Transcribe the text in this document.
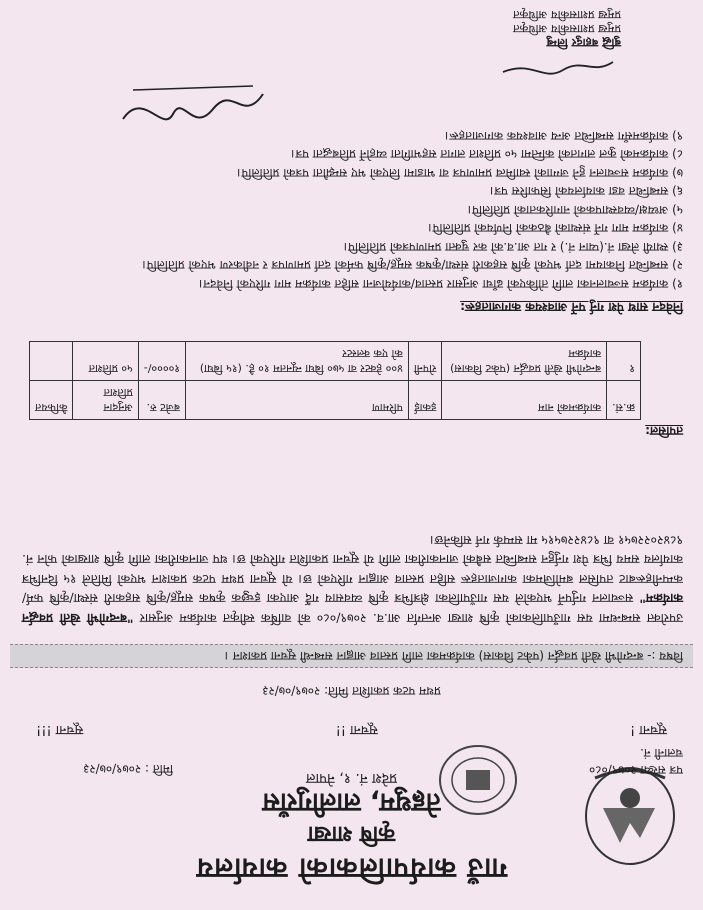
गाउँ कार्यपालिकाको कार्यालय
कृषि शाखा
तेह्रथुम, लालीगुराँस
प्रदेश नं. १, नेपाल	पत्र संख्या २०७९/०८०
चलानी नं.
मिति : २०७९/०७/२३
सूचना !
सूचना !!
सूचना !!!
प्रथम पटक प्रकाशित मिति: २०७९/०७/२३
विषय :- बन्दगोभी खेती प्रवर्द्धन (पकेट विकास) कार्यक्रमका लागि प्रस्ताव आह्वान सम्बन्धी सूचना प्रकाशन ।
उपरोक्त सम्बन्धमा यस गाउँपालिकाको कृषि शाखा अन्तर्गत आ.व. २०७९/०८० को वार्षिक स्वीकृत कार्यक्रम अनुसार "बन्दगोभी खेती प्रवर्द्धन कार्यक्रम" सञ्चालन गर्नुपर्ने भएकोले यस गाउँपालिका क्षेत्रभित्र कृषि व्यवसाय गर्दै आएका इच्छुक कृषक समूह/कृषि सहकारी संस्था/कृषि फर्म/कम्पनीहरूबाट तपसिल बमोजिमका कागजातहरू सहित प्रस्ताव आह्वान गरिएको छ। यो सूचना प्रथम पटक प्रकाशन भएको मितिले १५ दिनभित्र कार्यालय समय भित्र पेश गर्नुहुन सम्बन्धित सबैको जानकारीका लागि यो सूचना प्रकाशित गरिएको छ। थप जानकारीका लागि कृषि शाखाको फोन नं. ९८४२०२२७५१ वा ९८४२२७५१५ मा सम्पर्क गर्न सकिनेछ।
तपसिल:
क्र.सं.	कार्यक्रमको नाम	इकाई	परिमाण	बजेट रु.	अनुदान प्रतिशत	कैफियत
१	बन्दगोभी खेती प्रवर्द्धन (पकेट विकास) कार्यक्रम	रोपनी	४०० हेक्टर वा ५७० बिघा न्यूनतम १० है. (१५ बिघा) को एक क्लस्टर	१००००/-	५० प्रतिशत	
निवेदन साथ पेश गर्नु पर्ने आवश्यक कागजातहरू:
१) कार्यक्रम सञ्चालनका लागि तोकिएको ढाँचा अनुसार प्रस्ताव/कार्ययोजना सहित कार्यक्रम माग गरिएको निवेदन।
२) सम्बन्धित निकायमा दर्ता भएको कृषि सहकारी संस्था/कृषक समूह/कृषि फर्मको दर्ता प्रमाणपत्र र नवीकरण भएको प्रतिलिपि।
३) स्थायी लेखा नं.(प्यान नं.) र गत आ.व.को कर चुक्ता प्रमाणपत्रको प्रतिलिपि।
४) कार्यक्रम माग गर्ने संस्थाको बैठकको निर्णयको प्रतिलिपि।
५) अध्यक्ष/व्यवस्थापकको नागरिकताको प्रतिलिपि।
६) सम्बन्धित वडा कार्यालयको सिफारिस पत्र।
७) कार्यक्रम सञ्चालन हुने जग्गाको स्वामित्व प्रमाणपत्र वा भाडामा लिएको भए सम्झौता पत्रको प्रतिलिपि।
८) कार्यक्रमको कुल लागतको कम्तिमा ५० प्रतिशत लागत सहभागिता व्यहोर्ने प्रतिबद्धता पत्र।
९) कार्यक्रमसँग सम्बन्धित अन्य आवश्यक कागजातहरू।
बुद्धि बहादुर लिम्बु
प्रमुख प्रशासकीय अधिकृत
प्रमुख प्रशासकीय अधिकृत
